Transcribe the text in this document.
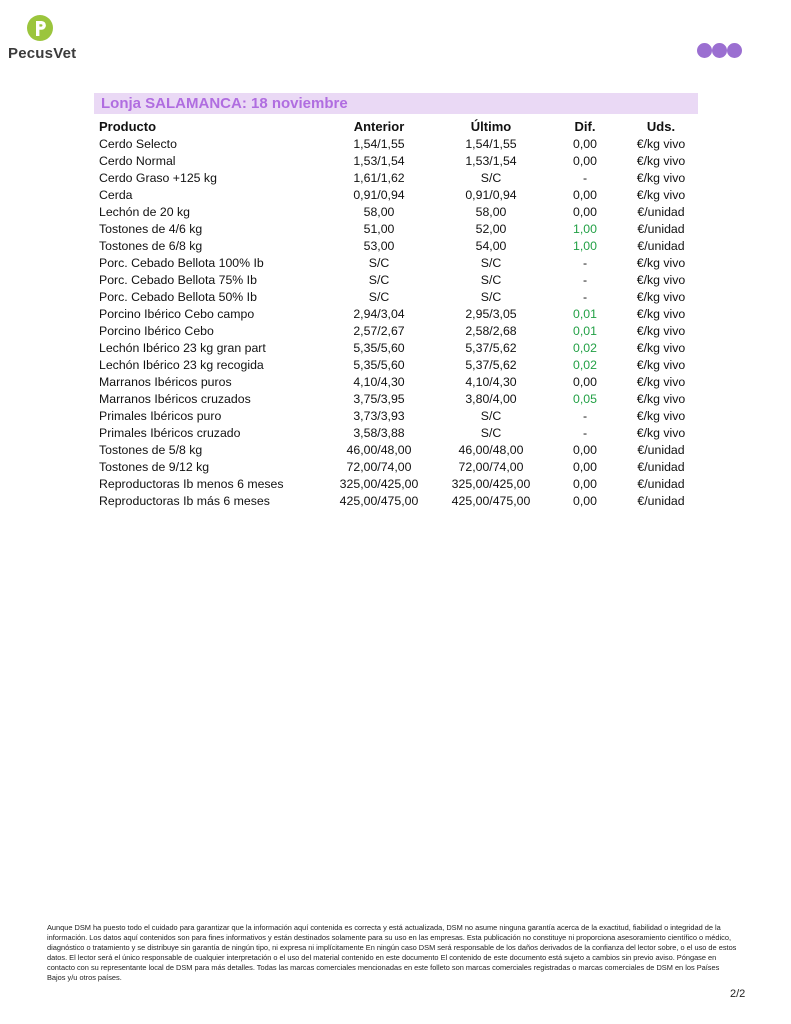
PecusVet
Lonja SALAMANCA: 18 noviembre
Producto	Anterior	Último	Dif.	Uds.
Cerdo Selecto	1,54/1,55	1,54/1,55	0,00	€/kg vivo
Cerdo Normal	1,53/1,54	1,53/1,54	0,00	€/kg vivo
Cerdo Graso +125 kg	1,61/1,62	S/C	-	€/kg vivo
Cerda	0,91/0,94	0,91/0,94	0,00	€/kg vivo
Lechón de 20 kg	58,00	58,00	0,00	€/unidad
Tostones de 4/6 kg	51,00	52,00	1,00	€/unidad
Tostones de 6/8 kg	53,00	54,00	1,00	€/unidad
Porc. Cebado Bellota 100% Ib	S/C	S/C	-	€/kg vivo
Porc. Cebado Bellota 75% Ib	S/C	S/C	-	€/kg vivo
Porc. Cebado Bellota 50% Ib	S/C	S/C	-	€/kg vivo
Porcino Ibérico Cebo campo	2,94/3,04	2,95/3,05	0,01	€/kg vivo
Porcino Ibérico Cebo	2,57/2,67	2,58/2,68	0,01	€/kg vivo
Lechón Ibérico 23 kg gran part	5,35/5,60	5,37/5,62	0,02	€/kg vivo
Lechón Ibérico 23 kg recogida	5,35/5,60	5,37/5,62	0,02	€/kg vivo
Marranos Ibéricos puros	4,10/4,30	4,10/4,30	0,00	€/kg vivo
Marranos Ibéricos cruzados	3,75/3,95	3,80/4,00	0,05	€/kg vivo
Primales Ibéricos puro	3,73/3,93	S/C	-	€/kg vivo
Primales Ibéricos cruzado	3,58/3,88	S/C	-	€/kg vivo
Tostones de 5/8 kg	46,00/48,00	46,00/48,00	0,00	€/unidad
Tostones de 9/12 kg	72,00/74,00	72,00/74,00	0,00	€/unidad
Reproductoras Ib menos 6 meses	325,00/425,00	325,00/425,00	0,00	€/unidad
Reproductoras Ib más 6 meses	425,00/475,00	425,00/475,00	0,00	€/unidad
Aunque DSM ha puesto todo el cuidado para garantizar que la información aquí contenida es correcta y está actualizada, DSM no asume ninguna garantía acerca de la exactitud, fiabilidad o integridad de la información. Los datos aquí contenidos son para fines informativos y están destinados solamente para su uso en las empresas. Esta publicación no constituye ni proporciona asesoramiento científico o médico, diagnóstico o tratamiento y se distribuye sin garantía de ningún tipo, ni expresa ni implícitamente En ningún caso DSM será responsable de los daños derivados de la confianza del lector sobre, o el uso de estos datos. El lector será el único responsable de cualquier interpretación o el uso del material contenido en este documento El contenido de este documento está sujeto a cambios sin previo aviso. Póngase en contacto con su representante local de DSM para más detalles. Todas las marcas comerciales mencionadas en este folleto son marcas comerciales registradas o marcas comerciales de DSM en los Países Bajos y/u otros países.
2/2
